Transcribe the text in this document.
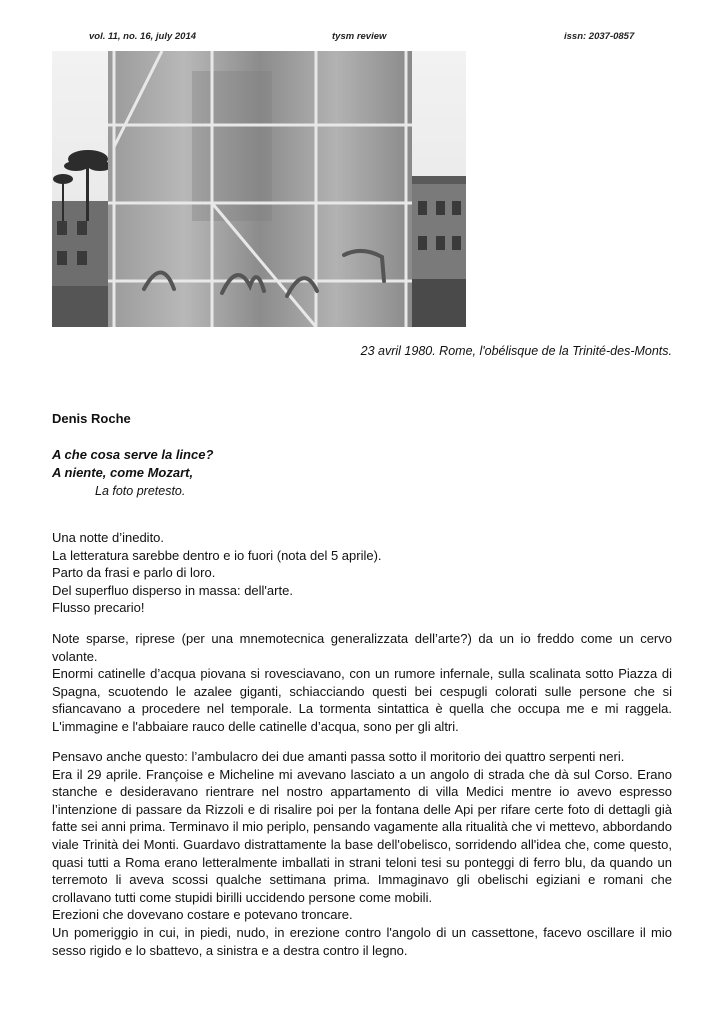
vol. 11, no. 16, july 2014	tysm review	issn: 2037-0857
23 avril 1980. Rome, l'obélisque de la Trinité-des-Monts.
Denis Roche
A che cosa serve la lince?
A niente, come Mozart,
La foto pretesto.

Una notte d’inedito.

La letteratura sarebbe dentro e io fuori (nota del 5 aprile).

Parto da frasi e parlo di loro.

Del superfluo disperso in massa: dell'arte.

Flusso precario!

Note sparse, riprese (per una mnemotecnica generalizzata dell’arte?) da un io freddo come un cervo volante.

Enormi catinelle d’acqua piovana si rovesciavano, con un rumore infernale, sulla scalinata sotto Piazza di Spagna, scuotendo le azalee giganti, schiacciando questi bei cespugli colorati sulle persone che si sfiancavano a procedere nel temporale. La tormenta sintattica è quella che occupa me e mi raggela. L'immagine e l'abbaiare rauco delle catinelle d’acqua, sono per gli altri.

Pensavo anche questo: l’ambulacro dei due amanti passa sotto il moritorio dei quattro serpenti neri.

Era il 29 aprile. Françoise e Micheline mi avevano lasciato a un angolo di strada che dà sul Corso. Erano stanche e desideravano rientrare nel nostro appartamento di villa Medici mentre io avevo espresso l’intenzione di passare da Rizzoli e di risalire poi per la fontana delle Api per rifare certe foto di dettagli già fatte sei anni prima. Terminavo il mio periplo, pensando vagamente alla ritualità che vi mettevo, abbordando viale Trinità dei Monti. Guardavo distrattamente la base dell'obelisco, sorridendo all'idea che, come questo, quasi tutti a Roma erano letteralmente imballati in strani teloni tesi su ponteggi di ferro blu, da quando un terremoto li aveva scossi qualche settimana prima. Immaginavo gli obelischi egiziani e romani che crollavano tutti come stupidi birilli uccidendo persone come mobili.

Erezioni che dovevano costare e potevano troncare.

Un pomeriggio in cui, in piedi, nudo, in erezione contro l'angolo di un cassettone, facevo oscillare il mio sesso rigido e lo sbattevo, a sinistra e a destra contro il legno.
